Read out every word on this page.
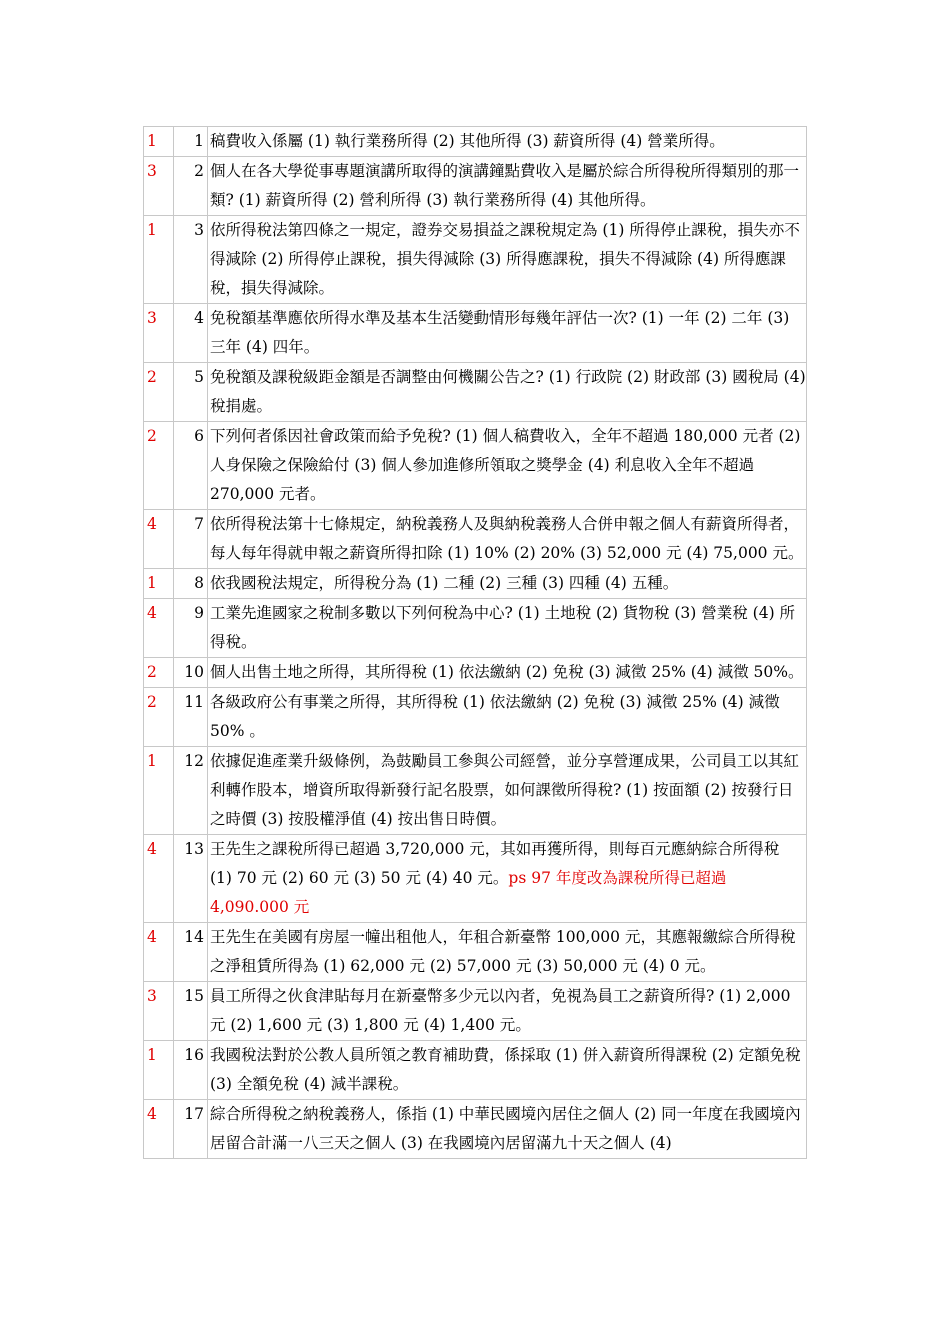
1	1	稿費收入係屬 (1) 執行業務所得 (2) 其他所得 (3) 薪資所得 (4) 營業所得。
3	2	個人在各大學從事專題演講所取得的演講鐘點費收入是屬於綜合所得稅所得類別的那一類? (1) 薪資所得 (2) 營利所得 (3) 執行業務所得 (4) 其他所得。
1	3	依所得稅法第四條之一規定，證券交易損益之課稅規定為 (1) 所得停止課稅，損失亦不得減除 (2) 所得停止課稅，損失得減除 (3) 所得應課稅，損失不得減除 (4) 所得應課稅，損失得減除。
3	4	免稅額基準應依所得水準及基本生活變動情形每幾年評估一次? (1) 一年 (2) 二年 (3) 三年 (4) 四年。
2	5	免稅額及課稅級距金額是否調整由何機關公告之? (1) 行政院 (2) 財政部 (3) 國稅局 (4) 稅捐處。
2	6	下列何者係因社會政策而給予免稅? (1) 個人稿費收入，全年不超過 180,000 元者 (2) 人身保險之保險給付 (3) 個人參加進修所領取之獎學金 (4) 利息收入全年不超過 270,000 元者。
4	7	依所得稅法第十七條規定，納稅義務人及與納稅義務人合併申報之個人有薪資所得者，每人每年得就申報之薪資所得扣除 (1) 10% (2) 20% (3) 52,000 元 (4) 75,000 元。
1	8	依我國稅法規定，所得稅分為 (1) 二種 (2) 三種 (3) 四種 (4) 五種。
4	9	工業先進國家之稅制多數以下列何稅為中心? (1) 土地稅 (2) 貨物稅 (3) 營業稅 (4) 所得稅。
2	10	個人出售土地之所得，其所得稅 (1) 依法繳納 (2) 免稅 (3) 減徵 25% (4) 減徵 50%。
2	11	各級政府公有事業之所得，其所得稅 (1) 依法繳納 (2) 免稅 (3) 減徵 25% (4) 減徵 50% 。
1	12	依據促進產業升級條例，為鼓勵員工參與公司經營，並分享營運成果，公司員工以其紅利轉作股本，增資所取得新發行記名股票，如何課徵所得稅? (1) 按面額 (2) 按發行日之時價 (3) 按股權淨值 (4) 按出售日時價。
4	13	王先生之課稅所得已超過 3,720,000 元，其如再獲所得，則每百元應納綜合所得稅 (1) 70 元 (2) 60 元 (3) 50 元 (4) 40 元。ps 97 年度改為課稅所得已超過 4,090.000 元
4	14	王先生在美國有房屋一幢出租他人，年租合新臺幣 100,000 元，其應報繳綜合所得稅之淨租賃所得為 (1) 62,000 元 (2) 57,000 元 (3) 50,000 元 (4) 0 元。
3	15	員工所得之伙食津貼每月在新臺幣多少元以內者，免視為員工之薪資所得? (1) 2,000 元 (2) 1,600 元 (3) 1,800 元 (4) 1,400 元。
1	16	我國稅法對於公教人員所領之教育補助費，係採取 (1) 併入薪資所得課稅 (2) 定額免稅 (3) 全額免稅 (4) 減半課稅。
4	17	綜合所得稅之納稅義務人，係指 (1) 中華民國境內居住之個人 (2) 同一年度在我國境內居留合計滿一八三天之個人 (3) 在我國境內居留滿九十天之個人 (4)
